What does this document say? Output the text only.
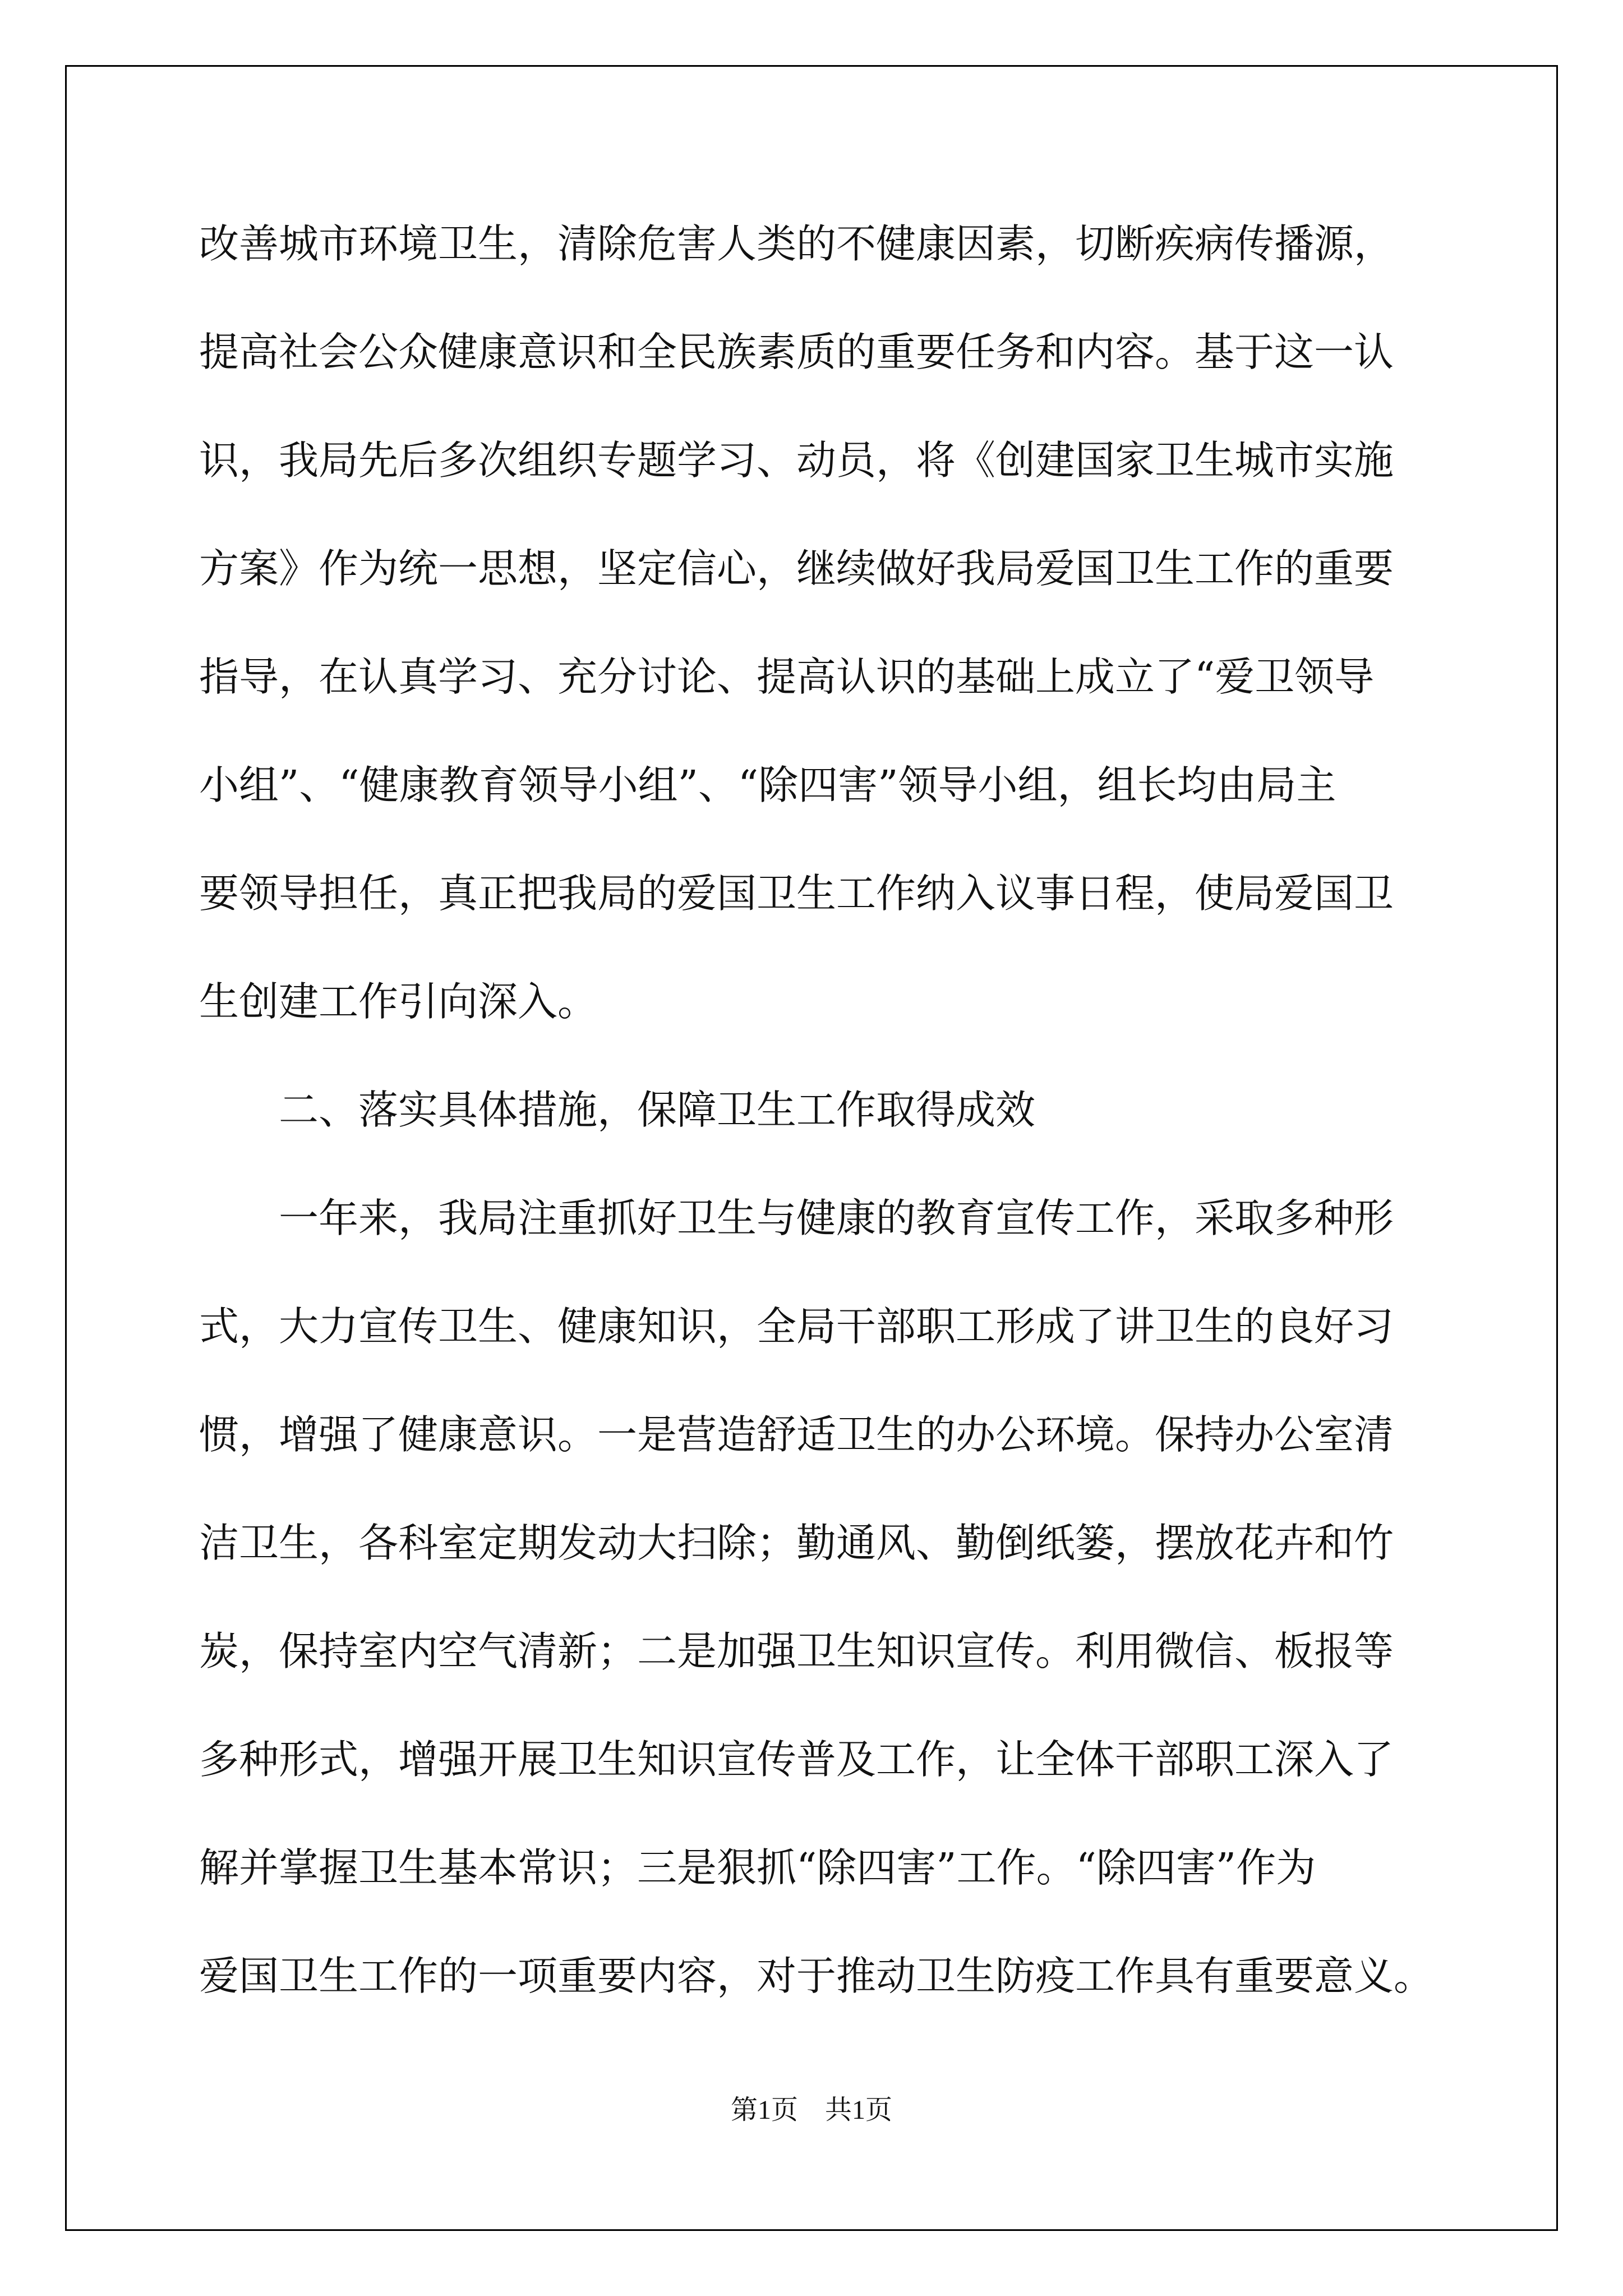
改善城市环境卫生，清除危害人类的不健康因素，切断疾病传播源，
提高社会公众健康意识和全民族素质的重要任务和内容。基于这一认
识，我局先后多次组织专题学习、动员，将《创建国家卫生城市实施
方案》作为统一思想，坚定信心，继续做好我局爱国卫生工作的重要
指导，在认真学习、充分讨论、提高认识的基础上成立了“爱卫领导
小组”、“健康教育领导小组”、“除四害”领导小组，组长均由局主
要领导担任，真正把我局的爱国卫生工作纳入议事日程，使局爱国卫
生创建工作引向深入。
二、落实具体措施，保障卫生工作取得成效
一年来，我局注重抓好卫生与健康的教育宣传工作，采取多种形
式，大力宣传卫生、健康知识，全局干部职工形成了讲卫生的良好习
惯，增强了健康意识。一是营造舒适卫生的办公环境。保持办公室清
洁卫生，各科室定期发动大扫除；勤通风、勤倒纸篓，摆放花卉和竹
炭，保持室内空气清新；二是加强卫生知识宣传。利用微信、板报等
多种形式，增强开展卫生知识宣传普及工作，让全体干部职工深入了
解并掌握卫生基本常识；三是狠抓“除四害”工作。“除四害”作为
爱国卫生工作的一项重要内容，对于推动卫生防疫工作具有重要意义。
第1页　共1页
